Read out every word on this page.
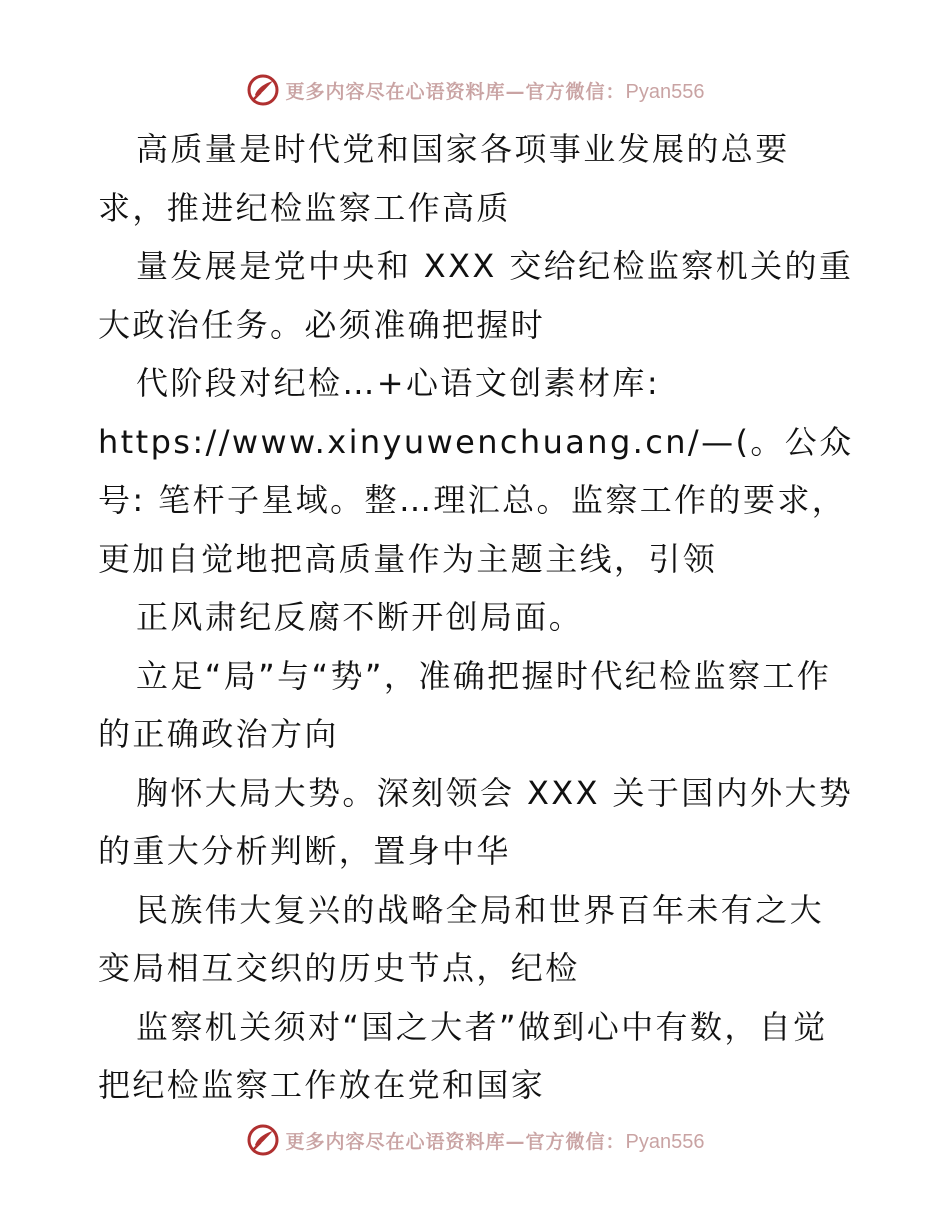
更多内容尽在心语资料库—官方微信：Pyan556

高质量是时代党和国家各项事业发展的总要求，推进纪检监察工作高质

量发展是党中央和 XXX 交给纪检监察机关的重大政治任务。必须准确把握时

代阶段对纪检…+心语文创素材库: https://www.xinyuwenchuang.cn/—(。公众号: 笔杆子星域。整…理汇总。监察工作的要求，更加自觉地把高质量作为主题主线，引领

正风肃纪反腐不断开创局面。

立足“局”与“势”，准确把握时代纪检监察工作的正确政治方向

胸怀大局大势。深刻领会 XXX 关于国内外大势的重大分析判断，置身中华

民族伟大复兴的战略全局和世界百年未有之大变局相互交织的历史节点，纪检

监察机关须对“国之大者”做到心中有数，自觉把纪检监察工作放在党和国家

更多内容尽在心语资料库—官方微信：Pyan556
